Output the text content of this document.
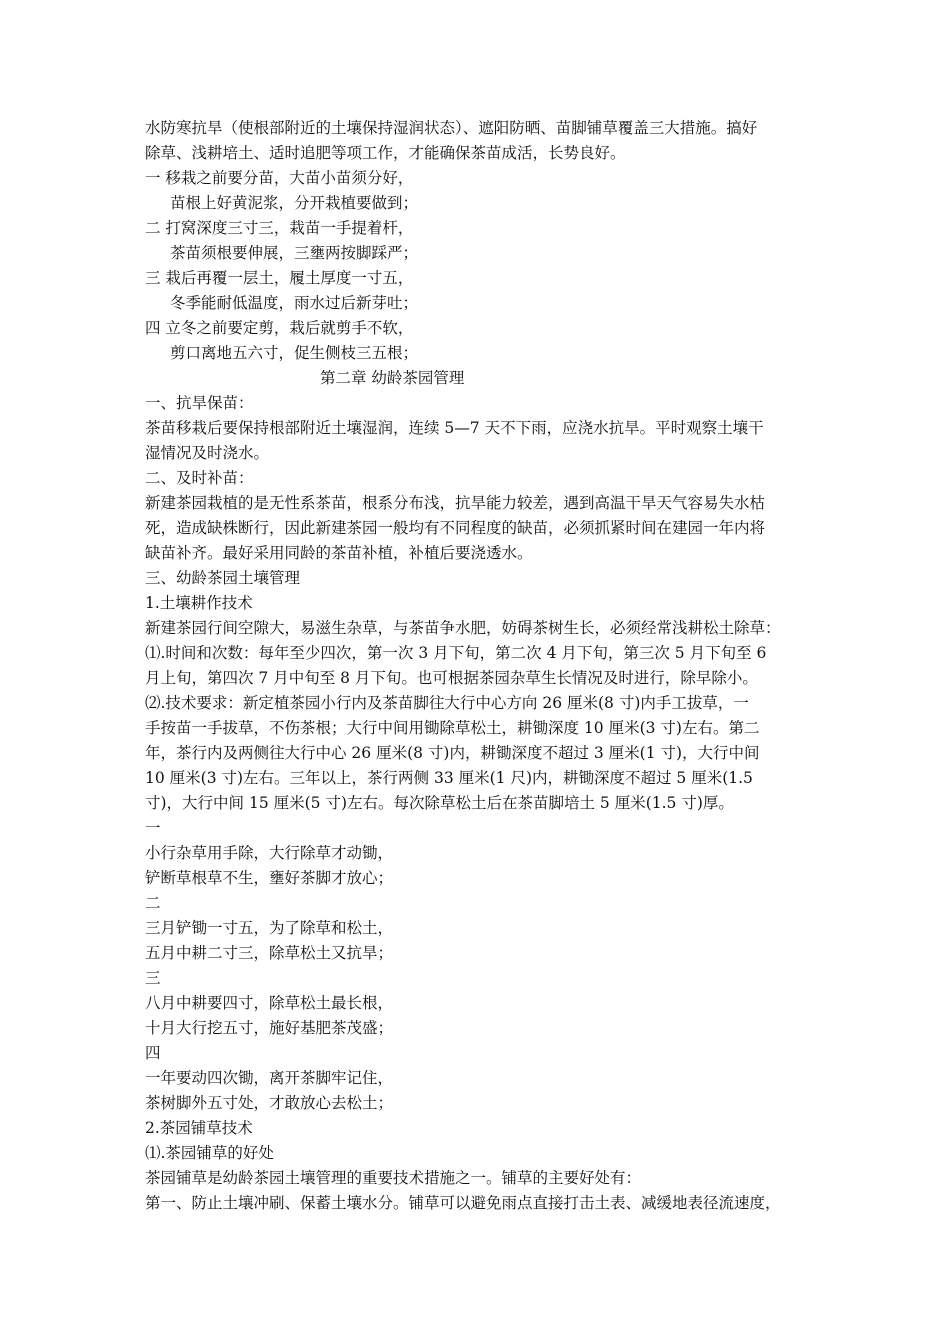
水防寒抗旱（使根部附近的土壤保持湿润状态）、遮阳防晒、苗脚铺草覆盖三大措施。搞好
除草、浅耕培土、适时追肥等项工作，才能确保茶苗成活，长势良好。
一 移栽之前要分苗，大苗小苗须分好，
苗根上好黄泥浆，分开栽植要做到；
二 打窝深度三寸三，栽苗一手提着杆，
茶苗须根要伸展，三壅两按脚踩严；
三 栽后再覆一层土，履土厚度一寸五，
冬季能耐低温度，雨水过后新芽吐；
四 立冬之前要定剪，栽后就剪手不软，
剪口离地五六寸，促生侧枝三五根；
第二章 幼龄茶园管理
一、抗旱保苗：
茶苗移栽后要保持根部附近土壤湿润，连续 5—7 天不下雨，应浇水抗旱。平时观察土壤干
湿情况及时浇水。
二、及时补苗：
新建茶园栽植的是无性系茶苗，根系分布浅，抗旱能力较差，遇到高温干旱天气容易失水枯
死，造成缺株断行，因此新建茶园一般均有不同程度的缺苗，必须抓紧时间在建园一年内将
缺苗补齐。最好采用同龄的茶苗补植，补植后要浇透水。
三、幼龄茶园土壤管理
1.土壤耕作技术
新建茶园行间空隙大，易滋生杂草，与茶苗争水肥，妨碍茶树生长，必须经常浅耕松土除草：
⑴.时间和次数：每年至少四次，第一次 3 月下旬，第二次 4 月下旬，第三次 5 月下旬至 6
月上旬，第四次 7 月中旬至 8 月下旬。也可根据茶园杂草生长情况及时进行，除早除小。
⑵.技术要求：新定植茶园小行内及茶苗脚往大行中心方向 26 厘米(8 寸)内手工拔草，一
手按苗一手拔草，不伤茶根；大行中间用锄除草松土，耕锄深度 10 厘米(3 寸)左右。第二
年，茶行内及两侧往大行中心 26 厘米(8 寸)内，耕锄深度不超过 3 厘米(1 寸)，大行中间
10 厘米(3 寸)左右。三年以上，茶行两侧 33 厘米(1 尺)内，耕锄深度不超过 5 厘米(1.5
寸)，大行中间 15 厘米(5 寸)左右。每次除草松土后在茶苗脚培土 5 厘米(1.5 寸)厚。
一
小行杂草用手除，大行除草才动锄，
铲断草根草不生，壅好茶脚才放心；
二
三月铲锄一寸五，为了除草和松土，
五月中耕二寸三，除草松土又抗旱；
三
八月中耕要四寸，除草松土最长根，
十月大行挖五寸，施好基肥茶茂盛；
四
一年要动四次锄，离开茶脚牢记住，
茶树脚外五寸处，才敢放心去松土；
2.茶园铺草技术
⑴.茶园铺草的好处
茶园铺草是幼龄茶园土壤管理的重要技术措施之一。铺草的主要好处有：
第一、防止土壤冲刷、保蓄土壤水分。铺草可以避免雨点直接打击土表、减缓地表径流速度，
